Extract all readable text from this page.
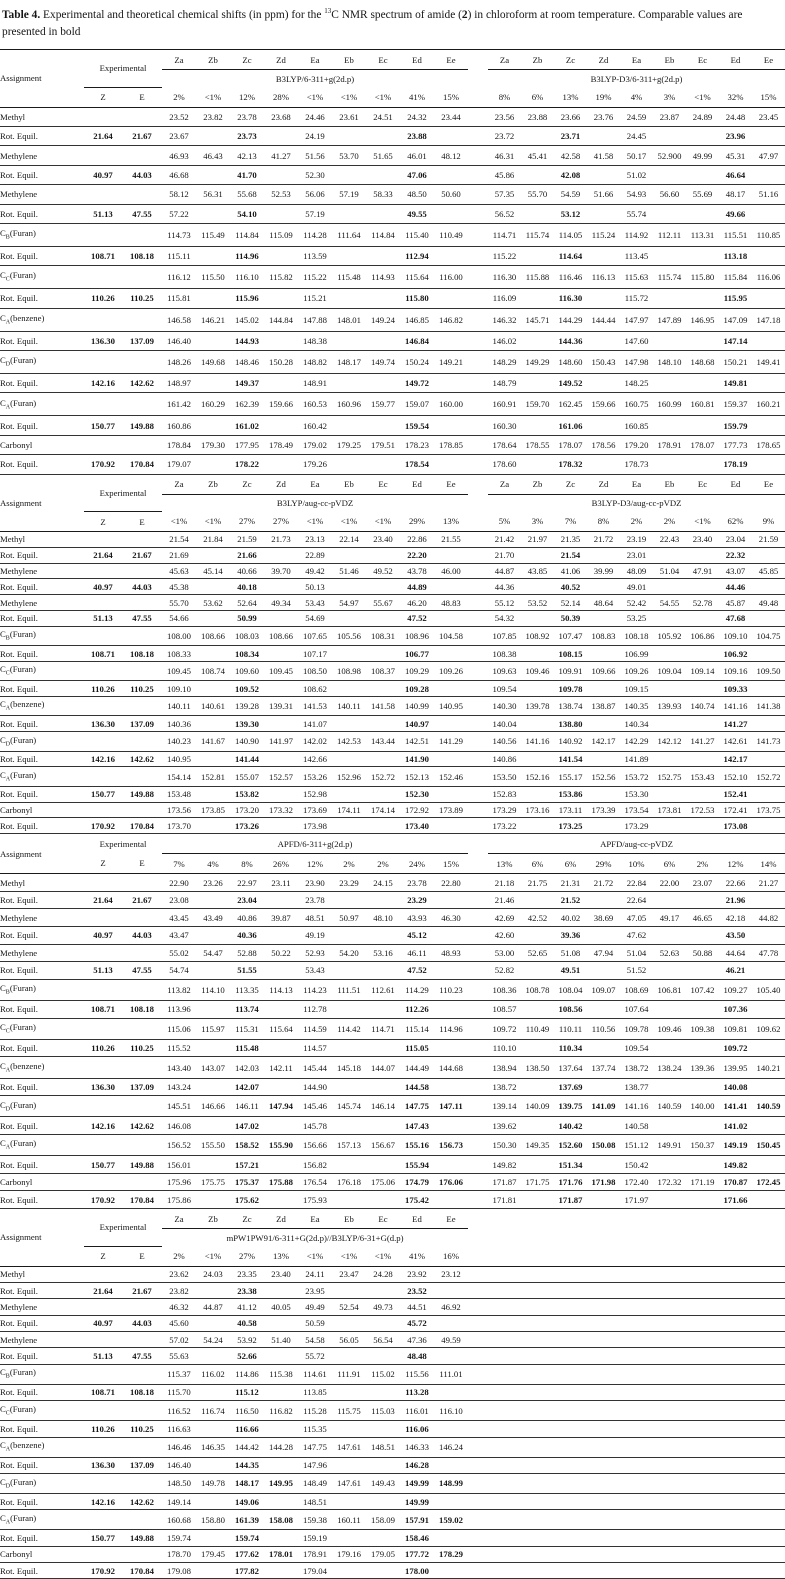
Table 4. Experimental and theoretical chemical shifts (in ppm) for the $^{13}$C NMR spectrum of amide (2) in chloroform at room temperature. Comparable values are presented in bold
Assignment	Experimental		Za	Zb	Zc	Zd	Ea	Eb	Ec	Ed	Ee		Za	Zb	Zc	Zd	Ea	Eb	Ec	Ed	Ee
			B3LYP/6-311+g(2d.p)										B3LYP-D3/6-311+g(2d.p)								
	Z	E	2%	<1%	12%	28%	<1%	<1%	<1%	41%	15%		8%	6%	13%	19%	4%	3%	<1%	32%	15%
Methyl			23.52	23.82	23.78	23.68	24.46	23.61	24.51	24.32	23.44		23.56	23.88	23.66	23.76	24.59	23.87	24.89	24.48	23.45
Rot. Equil.	21.64	21.67	23.67		23.73		24.19			23.88			23.72		23.71		24.45			23.96	
Methylene			46.93	46.43	42.13	41.27	51.56	53.70	51.65	46.01	48.12		46.31	45.41	42.58	41.58	50.17	52.900	49.99	45.31	47.97
Rot. Equil.	40.97	44.03	46.68		41.70		52.30			47.06			45.86		42.08		51.02			46.64	
Methylene			58.12	56.31	55.68	52.53	56.06	57.19	58.33	48.50	50.60		57.35	55.70	54.59	51.66	54.93	56.60	55.69	48.17	51.16
Rot. Equil.	51.13	47.55	57.22		54.10		57.19			49.55			56.52		53.12		55.74			49.66	
$C_B(Furan)$			114.73	115.49	114.84	115.09	114.28	111.64	114.84	115.40	110.49		114.71	115.74	114.05	115.24	114.92	112.11	113.31	115.51	110.85
Rot. Equil.	108.71	108.18	115.11		114.96		113.59			112.94			115.22		114.64		113.45			113.18	
$C_C(Furan)$			116.12	115.50	116.10	115.82	115.22	115.48	114.93	115.64	116.00		116.30	115.88	116.46	116.13	115.63	115.74	115.80	115.84	116.06
Rot. Equil.	110.26	110.25	115.81		115.96		115.21			115.80			116.09		116.30		115.72			115.95	
$C_A(benzene)$			146.58	146.21	145.02	144.84	147.88	148.01	149.24	146.85	146.82		146.32	145.71	144.29	144.44	147.97	147.89	146.95	147.09	147.18
Rot. Equil.	136.30	137.09	146.40		144.93		148.38			146.84			146.02		144.36		147.60			147.14	
$C_D(Furan)$			148.26	149.68	148.46	150.28	148.82	148.17	149.74	150.24	149.21		148.29	149.29	148.60	150.43	147.98	148.10	148.68	150.21	149.41
Rot. Equil.	142.16	142.62	148.97		149.37		148.91			149.72			148.79		149.52		148.25			149.81	
$C_A(Furan)$			161.42	160.29	162.39	159.66	160.53	160.96	159.77	159.07	160.00		160.91	159.70	162.45	159.66	160.75	160.99	160.81	159.37	160.21
Rot. Equil.	150.77	149.88	160.86		161.02		160.42			159.54			160.30		161.06		160.85			159.79	
Carbonyl			178.84	179.30	177.95	178.49	179.02	179.25	179.51	178.23	178.85		178.64	178.55	178.07	178.56	179.20	178.91	178.07	177.73	178.65
Rot. Equil.	170.92	170.84	179.07		178.22		179.26			178.54			178.60		178.32		178.73			178.19	
Assignment	Experimental		Za	Zb	Zc	Zd	Ea	Eb	Ec	Ed	Ee		Za	Zb	Zc	Zd	Ea	Eb	Ec	Ed	Ee
			B3LYP/aug-cc-pVDZ										B3LYP-D3/aug-cc-pVDZ								
	Z	E	<1%	<1%	27%	27%	<1%	<1%	<1%	29%	13%		5%	3%	7%	8%	2%	2%	<1%	62%	9%
Methyl			21.54	21.84	21.59	21.73	23.13	22.14	23.40	22.86	21.55		21.42	21.97	21.35	21.72	23.19	22.43	23.40	23.04	21.59
Rot. Equil.	21.64	21.67	21.69		21.66		22.89			22.20			21.70		21.54		23.01			22.32	
Methylene			45.63	45.14	40.66	39.70	49.42	51.46	49.52	43.78	46.00		44.87	43.85	41.06	39.99	48.09	51.04	47.91	43.07	45.85
Rot. Equil.	40.97	44.03	45.38		40.18		50.13			44.89			44.36		40.52		49.01			44.46	
Methylene			55.70	53.62	52.64	49.34	53.43	54.97	55.67	46.20	48.83		55.12	53.52	52.14	48.64	52.42	54.55	52.78	45.87	49.48
Rot. Equil.	51.13	47.55	54.66		50.99		54.69			47.52			54.32		50.39		53.25			47.68	
$C_B(Furan)$			108.00	108.66	108.03	108.66	107.65	105.56	108.31	108.96	104.58		107.85	108.92	107.47	108.83	108.18	105.92	106.86	109.10	104.75
Rot. Equil.	108.71	108.18	108.33		108.34		107.17			106.77			108.38		108.15		106.99			106.92	
$C_C(Furan)$			109.45	108.74	109.60	109.45	108.50	108.98	108.37	109.29	109.26		109.63	109.46	109.91	109.66	109.26	109.04	109.14	109.16	109.50
Rot. Equil.	110.26	110.25	109.10		109.52		108.62			109.28			109.54		109.78		109.15			109.33	
$C_A(benzene)$			140.11	140.61	139.28	139.31	141.53	140.11	141.58	140.99	140.95		140.30	139.78	138.74	138.87	140.35	139.93	140.74	141.16	141.38
Rot. Equil.	136.30	137.09	140.36		139.30		141.07			140.97			140.04		138.80		140.34			141.27	
$C_D(Furan)$			140.23	141.67	140.90	141.97	142.02	142.53	143.44	142.51	141.29		140.56	141.16	140.92	142.17	142.29	142.12	141.27	142.61	141.73
Rot. Equil.	142.16	142.62	140.95		141.44		142.66			141.90			140.86		141.54		141.89			142.17	
$C_A(Furan)$			154.14	152.81	155.07	152.57	153.26	152.96	152.72	152.13	152.46		153.50	152.16	155.17	152.56	153.72	152.75	153.43	152.10	152.72
Rot. Equil.	150.77	149.88	153.48		153.82		152.98			152.30			152.83		153.86		153.30			152.41	
Carbonyl			173.56	173.85	173.20	173.32	173.69	174.11	174.14	172.92	173.89		173.29	173.16	173.11	173.39	173.54	173.81	172.53	172.41	173.75
Rot. Equil.	170.92	170.84	173.70		173.26		173.98			173.40			173.22		173.25		173.29			173.08	
Assignment	Experimental		APFD/6-311+g(2d.p)										APFD/aug-cc-pVDZ								
	Z	E	7%	4%	8%	26%	12%	2%	2%	24%	15%		13%	6%	6%	29%	10%	6%	2%	12%	14%
Methyl			22.90	23.26	22.97	23.11	23.90	23.29	24.15	23.78	22.80		21.18	21.75	21.31	21.72	22.84	22.00	23.07	22.66	21.27
Rot. Equil.	21.64	21.67	23.08		23.04		23.78			23.29			21.46		21.52		22.64			21.96	
Methylene			43.45	43.49	40.86	39.87	48.51	50.97	48.10	43.93	46.30		42.69	42.52	40.02	38.69	47.05	49.17	46.65	42.18	44.82
Rot. Equil.	40.97	44.03	43.47		40.36		49.19			45.12			42.60		39.36		47.62			43.50	
Methylene			55.02	54.47	52.88	50.22	52.93	54.20	53.16	46.11	48.93		53.00	52.65	51.08	47.94	51.04	52.63	50.88	44.64	47.78
Rot. Equil.	51.13	47.55	54.74		51.55		53.43			47.52			52.82		49.51		51.52			46.21	
$C_B(Furan)$			113.82	114.10	113.35	114.13	114.23	111.51	112.61	114.29	110.23		108.36	108.78	108.04	109.07	108.69	106.81	107.42	109.27	105.40
Rot. Equil.	108.71	108.18	113.96		113.74		112.78			112.26			108.57		108.56		107.64			107.36	
$C_C(Furan)$			115.06	115.97	115.31	115.64	114.59	114.42	114.71	115.14	114.96		109.72	110.49	110.11	110.56	109.78	109.46	109.38	109.81	109.62
Rot. Equil.	110.26	110.25	115.52		115.48		114.57			115.05			110.10		110.34		109.54			109.72	
$C_A(benzene)$			143.40	143.07	142.03	142.11	145.44	145.18	144.07	144.49	144.68		138.94	138.50	137.64	137.74	138.72	138.24	139.36	139.95	140.21
Rot. Equil.	136.30	137.09	143.24		142.07		144.90			144.58			138.72		137.69		138.77			140.08	
$C_D(Furan)$			145.51	146.66	146.11	147.94	145.46	145.74	146.14	147.75	147.11		139.14	140.09	139.75	141.09	141.16	140.59	140.00	141.41	140.59
Rot. Equil.	142.16	142.62	146.08		147.02		145.78			147.43			139.62		140.42		140.58			141.02	
$C_A(Furan)$			156.52	155.50	158.52	155.90	156.66	157.13	156.67	155.16	156.73		150.30	149.35	152.60	150.08	151.12	149.91	150.37	149.19	150.45
Rot. Equil.	150.77	149.88	156.01		157.21		156.82			155.94			149.82		151.34		150.42			149.82	
Carbonyl			175.96	175.75	175.37	175.88	176.54	176.18	175.06	174.79	176.06		171.87	171.75	171.76	171.98	172.40	172.32	171.19	170.87	172.45
Rot. Equil.	170.92	170.84	175.86		175.62		175.93			175.42			171.81		171.87		171.97			171.66	
Assignment	Experimental		Za	Zb	Zc	Zd	Ea	Eb	Ec	Ed	Ee										
			mPW1PW91/6-311+G(2d.p)//B3LYP/6-31+G(d.p)																		
	Z	E	2%	<1%	27%	13%	<1%	<1%	<1%	41%	16%										
Methyl			23.62	24.03	23.35	23.40	24.11	23.47	24.28	23.92	23.12										
Rot. Equil.	21.64	21.67	23.82		23.38		23.95			23.52											
Methylene			46.32	44.87	41.12	40.05	49.49	52.54	49.73	44.51	46.92										
Rot. Equil.	40.97	44.03	45.60		40.58		50.59			45.72											
Methylene			57.02	54.24	53.92	51.40	54.58	56.05	56.54	47.36	49.59										
Rot. Equil.	51.13	47.55	55.63		52.66		55.72			48.48											
$C_B(Furan)$			115.37	116.02	114.86	115.38	114.61	111.91	115.02	115.56	111.01										
Rot. Equil.	108.71	108.18	115.70		115.12		113.85			113.28											
$C_C(Furan)$			116.52	116.74	116.50	116.82	115.28	115.75	115.03	116.01	116.10										
Rot. Equil.	110.26	110.25	116.63		116.66		115.35			116.06											
$C_A(benzene)$			146.46	146.35	144.42	144.28	147.75	147.61	148.51	146.33	146.24										
Rot. Equil.	136.30	137.09	146.40		144.35		147.96			146.28											
$C_D(Furan)$			148.50	149.78	148.17	149.95	148.49	147.61	149.43	149.99	148.99										
Rot. Equil.	142.16	142.62	149.14		149.06		148.51			149.99											
$C_A(Furan)$			160.68	158.80	161.39	158.08	159.38	160.11	158.09	157.91	159.02										
Rot. Equil.	150.77	149.88	159.74		159.74		159.19			158.46											
Carbonyl			178.70	179.45	177.62	178.01	178.91	179.16	179.05	177.72	178.29										
Rot. Equil.	170.92	170.84	179.08		177.82		179.04			178.00											
